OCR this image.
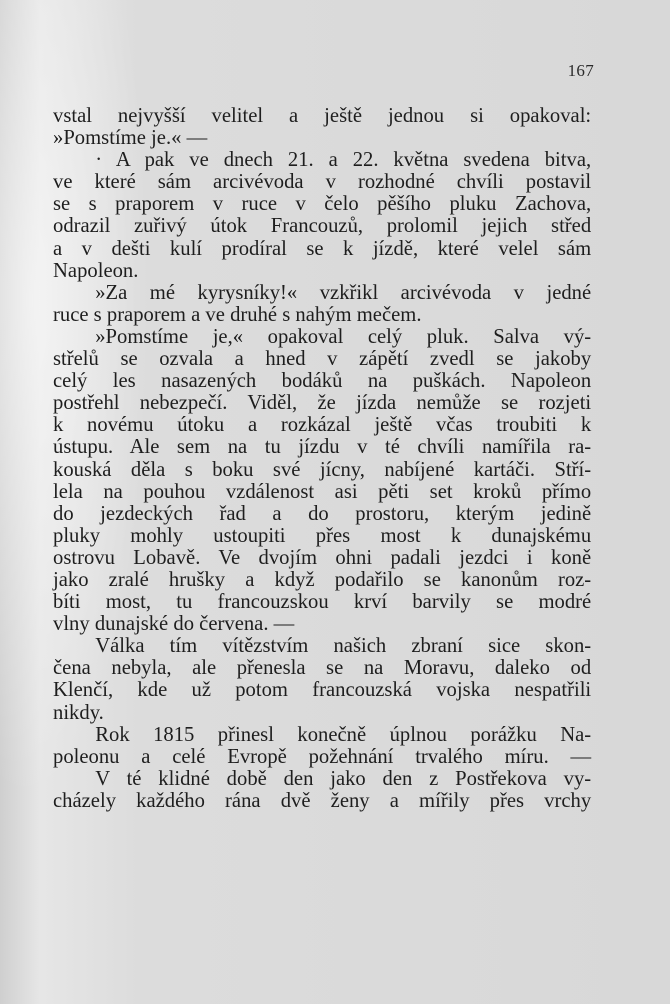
167
vstal nejvyšší velitel a ještě jednou si opakoval:
»Pomstíme je.« —
· A pak ve dnech 21. a 22. května svedena bitva,
ve které sám arcivévoda v rozhodné chvíli postavil
se s praporem v ruce v čelo pěšího pluku Zachova,
odrazil zuřivý útok Francouzů, prolomil jejich střed
a v dešti kulí prodíral se k jízdě, které velel sám
Napoleon.
»Za mé kyrysníky!« vzkřikl arcivévoda v jedné
ruce s praporem a ve druhé s nahým mečem.
»Pomstíme je,« opakoval celý pluk. Salva vý-
střelů se ozvala a hned v zápětí zvedl se jakoby
celý les nasazených bodáků na puškách. Napoleon
postřehl nebezpečí. Viděl, že jízda nemůže se rozjeti
k novému útoku a rozkázal ještě včas troubiti k
ústupu. Ale sem na tu jízdu v té chvíli namířila ra-
kouská děla s boku své jícny, nabíjené kartáči. Stří-
lela na pouhou vzdálenost asi pěti set kroků přímo
do jezdeckých řad a do prostoru, kterým jedině
pluky mohly ustoupiti přes most k dunajskému
ostrovu Lobavě. Ve dvojím ohni padali jezdci i koně
jako zralé hrušky a když podařilo se kanonům roz-
bíti most, tu francouzskou krví barvily se modré
vlny dunajské do červena. —
Válka tím vítězstvím našich zbraní sice skon-
čena nebyla, ale přenesla se na Moravu, daleko od
Klenčí, kde už potom francouzská vojska nespatřili
nikdy.
Rok 1815 přinesl konečně úplnou porážku Na-
poleonu a celé Evropě požehnání trvalého míru. —
V té klidné době den jako den z Postřekova vy-
cházely každého rána dvě ženy a mířily přes vrchy
